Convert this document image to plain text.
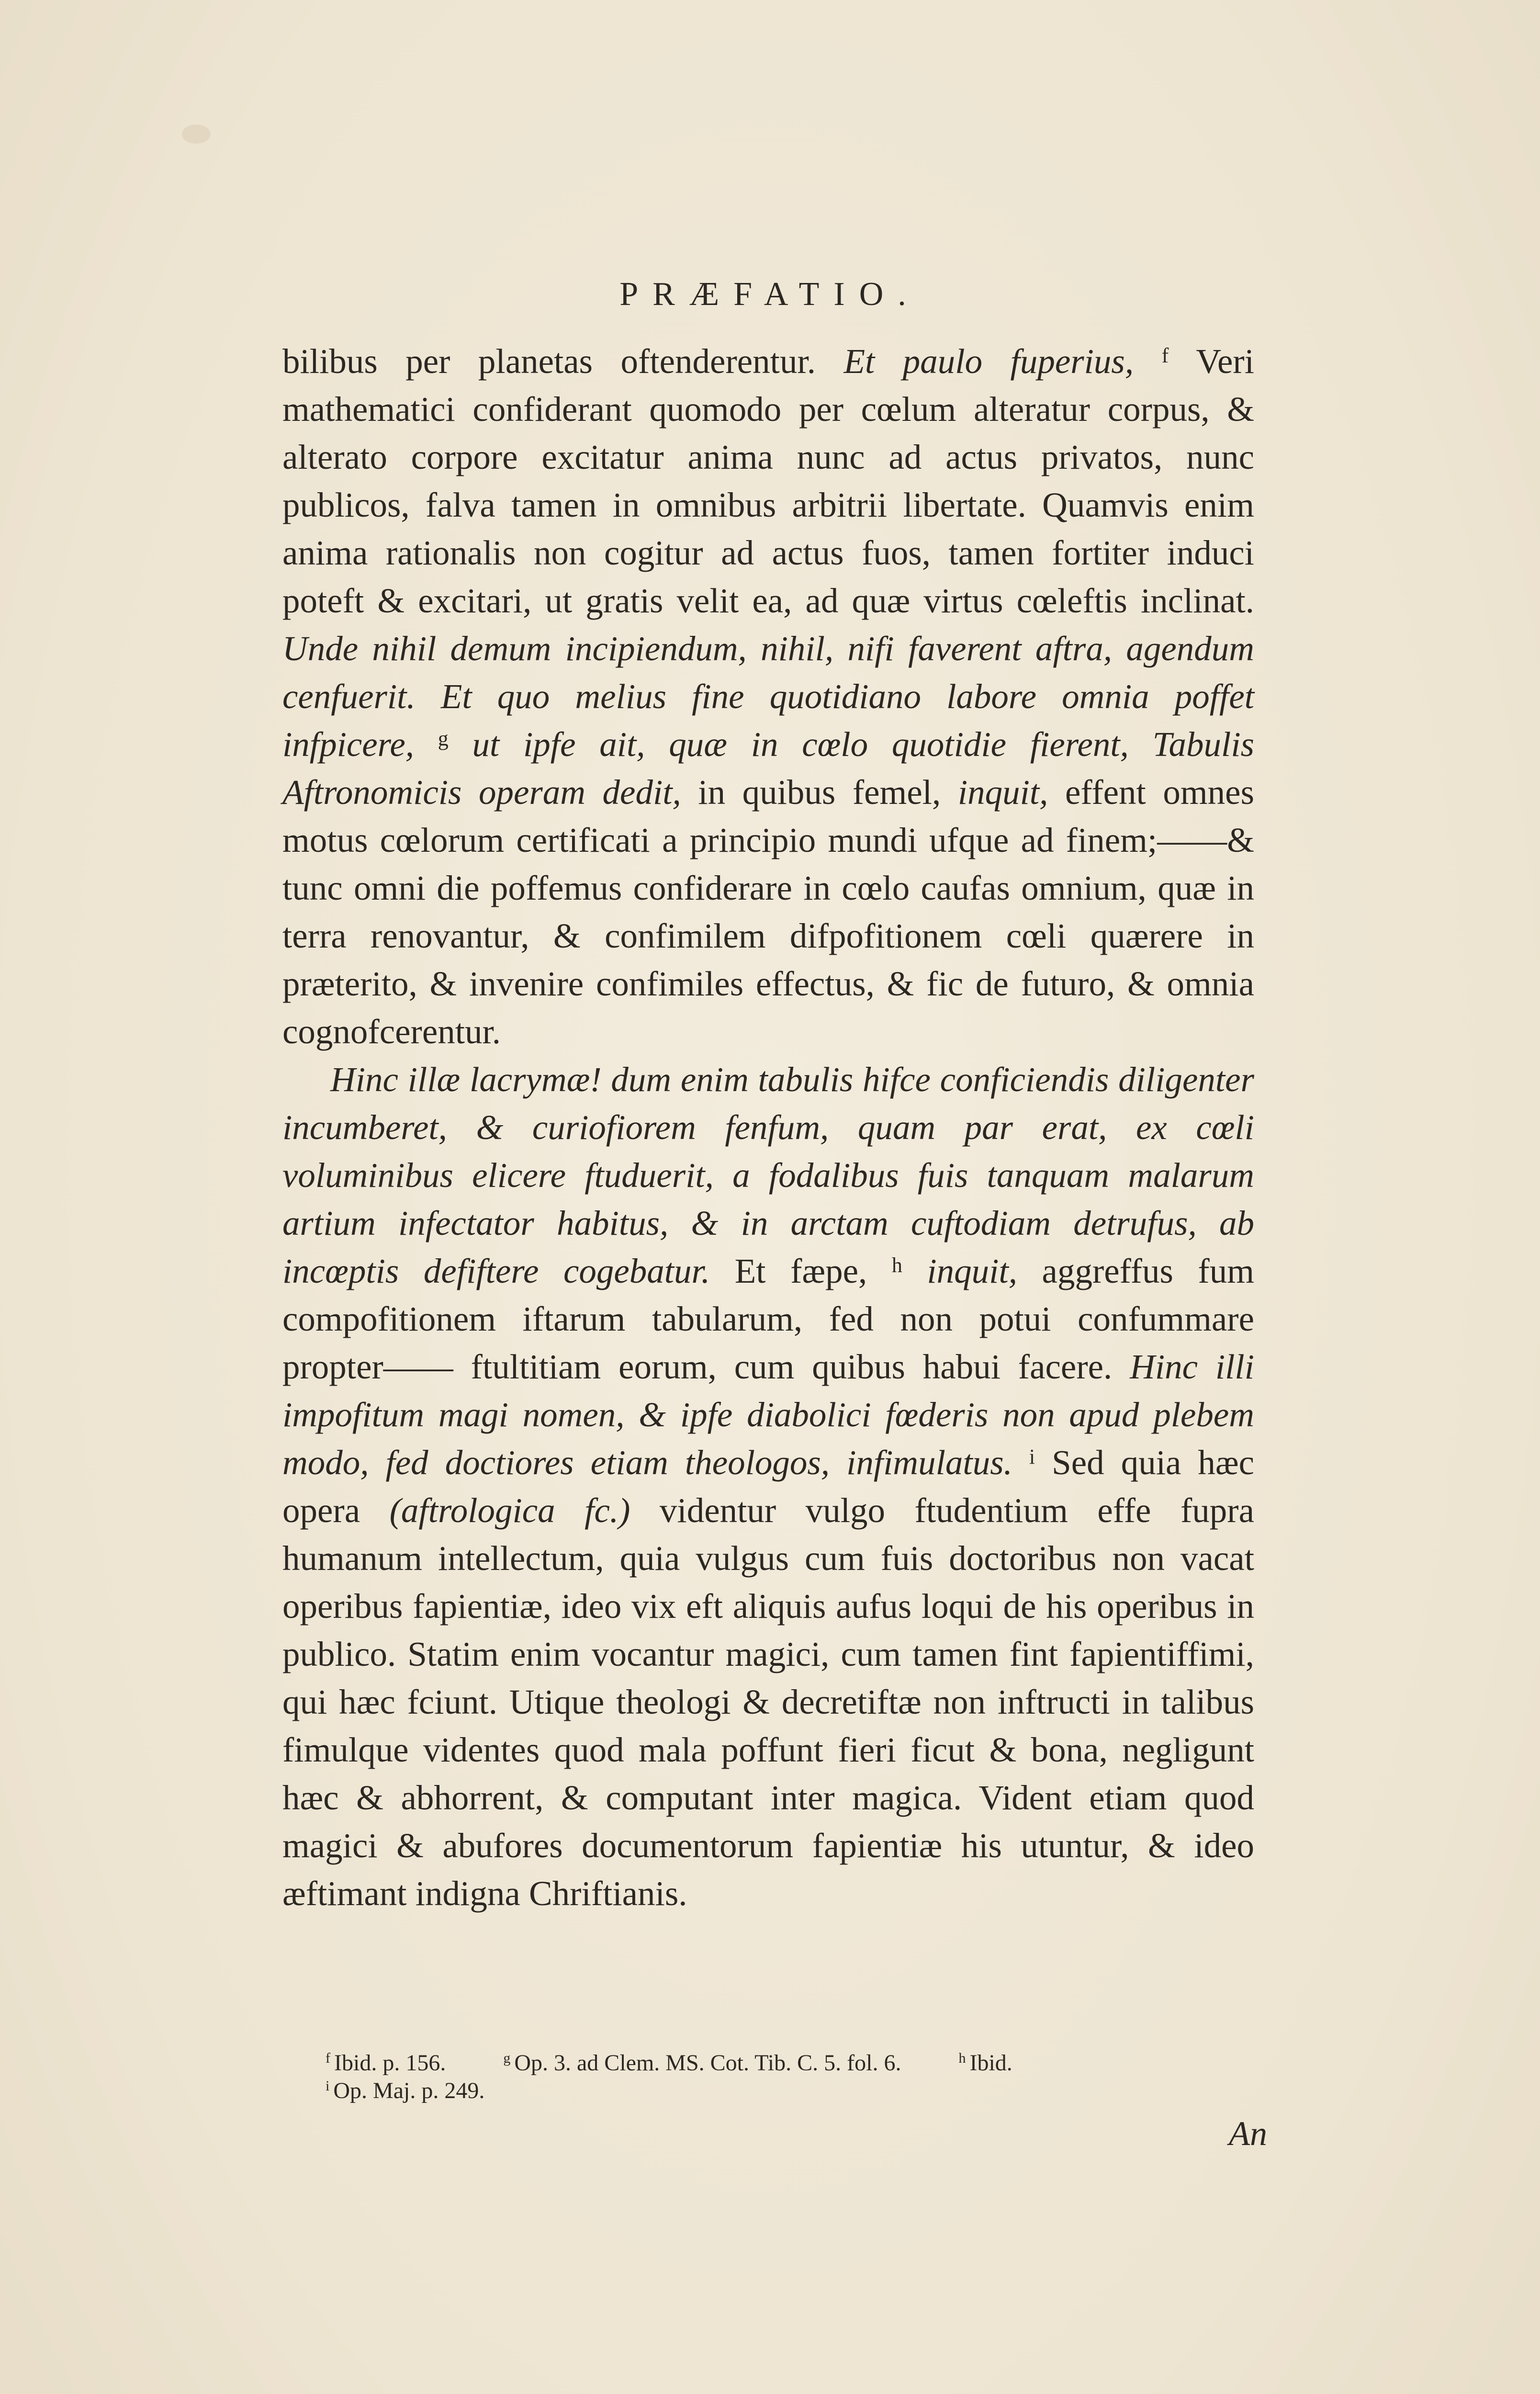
PRÆFATIO.

bilibus per planetas oftenderentur. Et paulo fuperius, $^f$ Veri mathematici confiderant quomodo per cœlum alteratur corpus, & alterato corpore excitatur anima nunc ad actus privatos, nunc publicos, falva tamen in omnibus arbitrii libertate. Quamvis enim anima rationalis non cogitur ad actus fuos, tamen fortiter induci poteft & excitari, ut gratis velit ea, ad quæ virtus cœleftis inclinat. Unde nihil demum incipiendum, nihil, nifi faverent aftra, agendum cenfuerit. Et quo melius fine quotidiano labore omnia poffet infpicere, $^g$ ut ipfe ait, quæ in cœlo quotidie fierent, Tabulis Aftronomicis operam dedit, in quibus femel, inquit, effent omnes motus cœlorum certificati a principio mundi ufque ad finem;——& tunc omni die poffemus confiderare in cœlo caufas omnium, quæ in terra renovantur, & confimilem difpofitionem cœli quærere in præterito, & invenire confimiles effectus, & fic de futuro, & omnia cognofcerentur.

Hinc illæ lacrymæ! dum enim tabulis hifce conficiendis diligenter incumberet, & curiofiorem fenfum, quam par erat, ex cœli voluminibus elicere ftuduerit, a fodalibus fuis tanquam malarum artium infectator habitus, & in arctam cuftodiam detrufus, ab incœptis defiftere cogebatur. Et fæpe, $^h$ inquit, aggreffus fum compofitionem iftarum tabularum, fed non potui confummare propter—— ftultitiam eorum, cum quibus habui facere. Hinc illi impofitum magi nomen, & ipfe diabolici fœderis non apud plebem modo, fed doctiores etiam theologos, infimulatus. $^i$ Sed quia hæc opera (aftrologica fc.) videntur vulgo ftudentium effe fupra humanum intellectum, quia vulgus cum fuis doctoribus non vacat operibus fapientiæ, ideo vix eft aliquis aufus loqui de his operibus in publico. Statim enim vocantur magici, cum tamen fint fapientiffimi, qui hæc fciunt. Utique theologi & decretiftæ non inftructi in talibus fimulque videntes quod mala poffunt fieri ficut & bona, negligunt hæc & abhorrent, & computant inter magica. Vident etiam quod magici & abufores documentorum fapientiæ his utuntur, & ideo æftimant indigna Chriftianis.

$^f$ Ibid. p. 156.	$^g$ Op. 3. ad Clem. MS. Cot. Tib. C. 5. fol. 6.	$^h$ Ibid.
$^i$ Op. Maj. p. 249.
An
